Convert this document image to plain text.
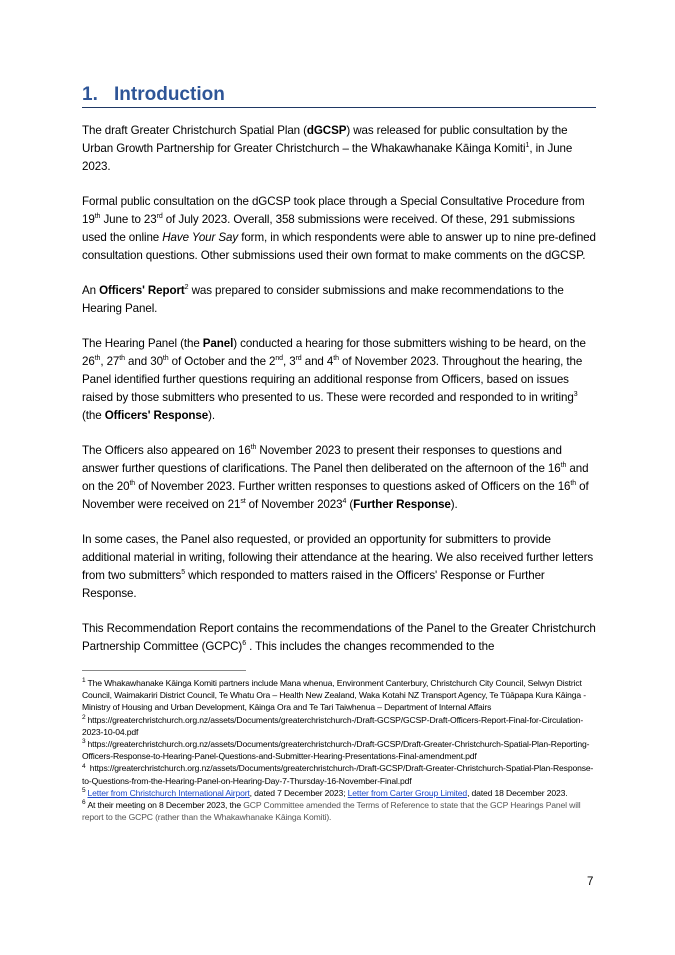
1. Introduction

The draft Greater Christchurch Spatial Plan (dGCSP) was released for public consultation by the Urban Growth Partnership for Greater Christchurch – the Whakawhanake Kāinga Komiti$^1$, in June 2023.

Formal public consultation on the dGCSP took place through a Special Consultative Procedure from 19th June to 23rd of July 2023. Overall, 358 submissions were received. Of these, 291 submissions used the online Have Your Say form, in which respondents were able to answer up to nine pre-defined consultation questions. Other submissions used their own format to make comments on the dGCSP.

An Officers' Report$^2$ was prepared to consider submissions and make recommendations to the Hearing Panel.

The Hearing Panel (the Panel) conducted a hearing for those submitters wishing to be heard, on the 26th, 27th and 30th of October and the 2nd, 3rd and 4th of November 2023. Throughout the hearing, the Panel identified further questions requiring an additional response from Officers, based on issues raised by those submitters who presented to us. These were recorded and responded to in writing$^3$ (the Officers' Response).

The Officers also appeared on 16th November 2023 to present their responses to questions and answer further questions of clarifications. The Panel then deliberated on the afternoon of the 16th and on the 20th of November 2023. Further written responses to questions asked of Officers on the 16th of November were received on 21st of November 2023$^4$ (Further Response).

In some cases, the Panel also requested, or provided an opportunity for submitters to provide additional material in writing, following their attendance at the hearing. We also received further letters from two submitters$^5$ which responded to matters raised in the Officers' Response or Further Response.

This Recommendation Report contains the recommendations of the Panel to the Greater Christchurch Partnership Committee (GCPC)$^6$ . This includes the changes recommended to the

$^1$ The Whakawhanake Kāinga Komiti partners include Mana whenua, Environment Canterbury, Christchurch City Council, Selwyn District Council, Waimakariri District Council, Te Whatu Ora – Health New Zealand, Waka Kotahi NZ Transport Agency, Te Tūāpapa Kura Kāinga - Ministry of Housing and Urban Development, Kāinga Ora and Te Tari Taiwhenua – Department of Internal Affairs

$^2$ https://greaterchristchurch.org.nz/assets/Documents/greaterchristchurch-/Draft-GCSP/GCSP-Draft-Officers-Report-Final-for-Circulation-2023-10-04.pdf

$^3$ https://greaterchristchurch.org.nz/assets/Documents/greaterchristchurch-/Draft-GCSP/Draft-Greater-Christchurch-Spatial-Plan-Reporting-Officers-Response-to-Hearing-Panel-Questions-and-Submitter-Hearing-Presentations-Final-amendment.pdf

$^4$ https://greaterchristchurch.org.nz/assets/Documents/greaterchristchurch-/Draft-GCSP/Draft-Greater-Christchurch-Spatial-Plan-Response-to-Questions-from-the-Hearing-Panel-on-Hearing-Day-7-Thursday-16-November-Final.pdf

$^5$ Letter from Christchurch International Airport, dated 7 December 2023; Letter from Carter Group Limited, dated 18 December 2023.

$^6$ At their meeting on 8 December 2023, the GCP Committee amended the Terms of Reference to state that the GCP Hearings Panel will report to the GCPC (rather than the Whakawhanake Kāinga Komiti).

7
